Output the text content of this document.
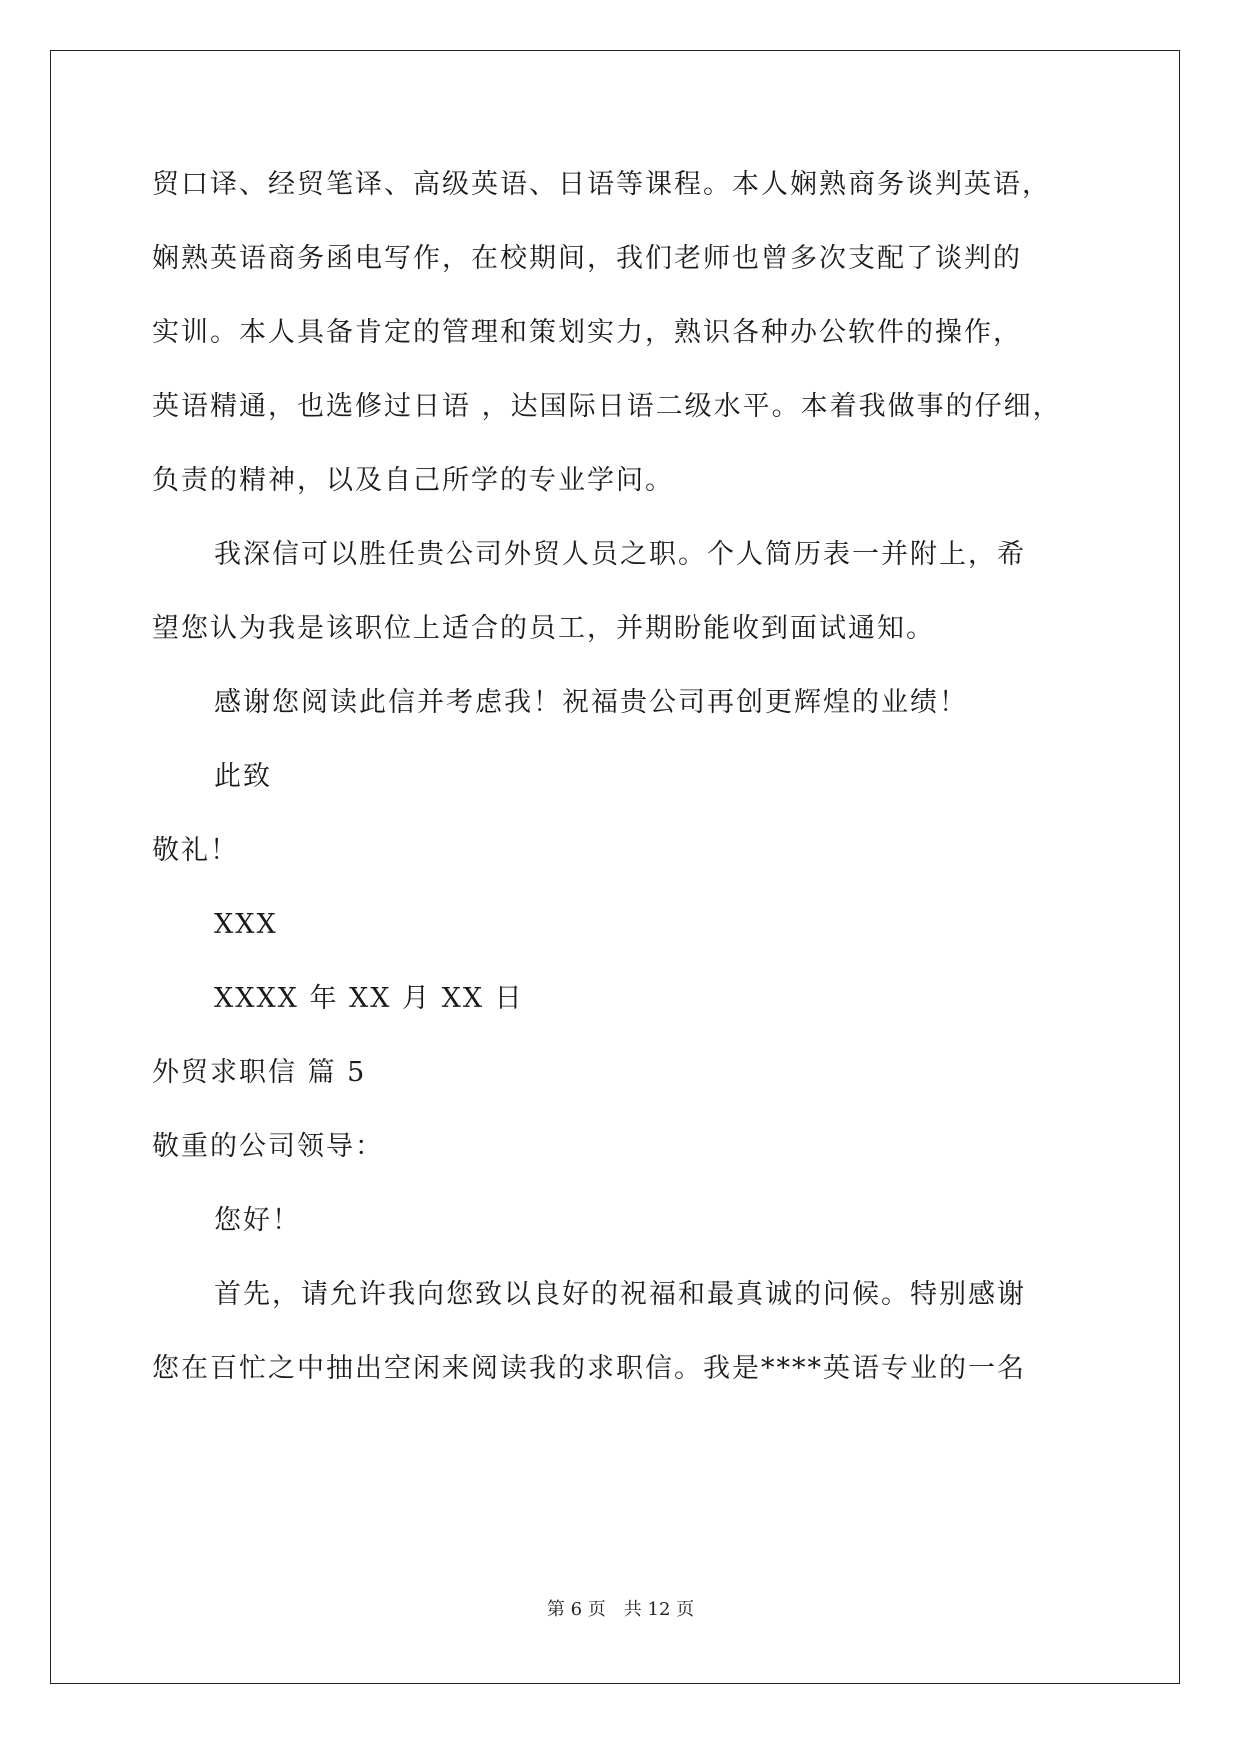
贸口译、经贸笔译、高级英语、日语等课程。本人娴熟商务谈判英语，
娴熟英语商务函电写作，在校期间，我们老师也曾多次支配了谈判的
实训。本人具备肯定的管理和策划实力，熟识各种办公软件的操作，
英语精通，也选修过日语 ，达国际日语二级水平。本着我做事的仔细，
负责的精神，以及自己所学的专业学问。
我深信可以胜任贵公司外贸人员之职。个人简历表一并附上，希
望您认为我是该职位上适合的员工，并期盼能收到面试通知。
感谢您阅读此信并考虑我！祝福贵公司再创更辉煌的业绩！
此致
敬礼！
XXX
XXXX 年 XX 月 XX 日
外贸求职信 篇 5
敬重的公司领导：
您好！
首先，请允许我向您致以良好的祝福和最真诚的问候。特别感谢
您在百忙之中抽出空闲来阅读我的求职信。我是****英语专业的一名
第 6 页　共 12 页
